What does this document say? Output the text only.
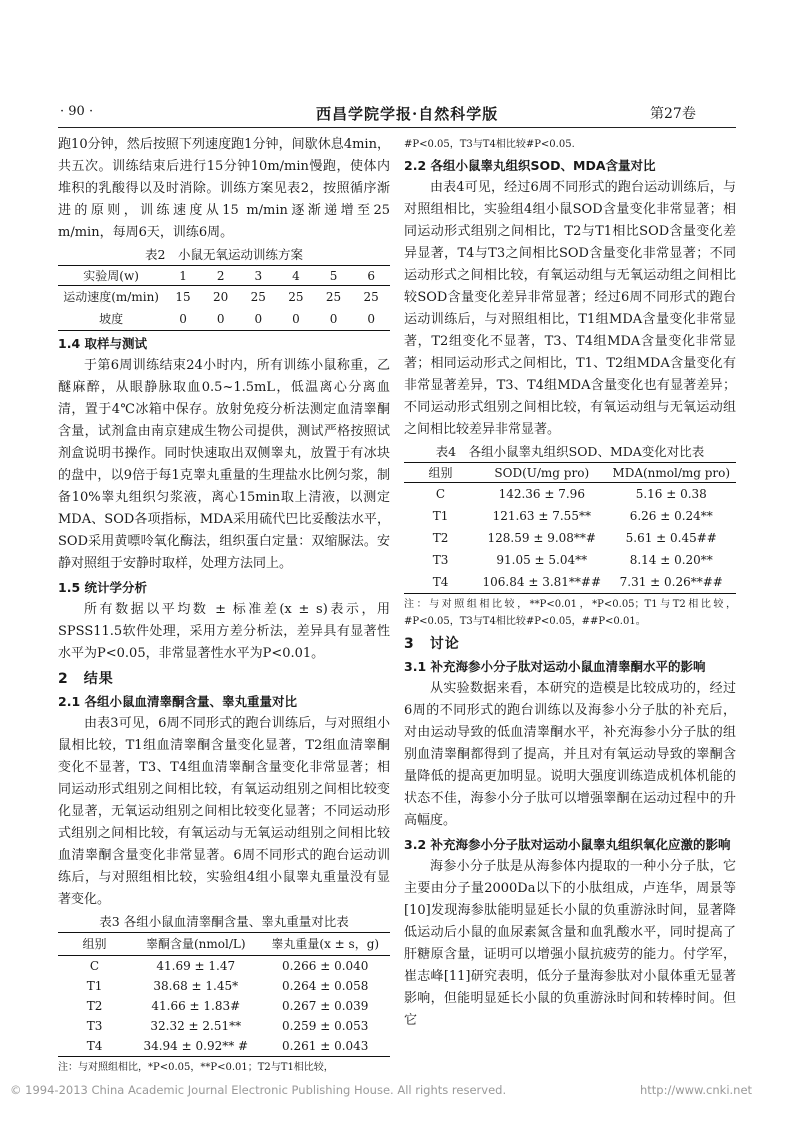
· 90 ·	西昌学院学报·自然科学版	第27卷

跑10分钟，然后按照下列速度跑1分钟，间歇休息4min，共五次。训练结束后进行15分钟10m/min慢跑，使体内堆积的乳酸得以及时消除。训练方案见表2，按照循序渐进的原则，训练速度从15 m/min逐渐递增至25 m/min，每周6天，训练6周。

表2　小鼠无氧运动训练方案
实验周(w)	1	2	3	4	5	6
运动速度(m/min)	15	20	25	25	25	25
坡度	0	0	0	0	0	0
1.4 取样与测试

于第6周训练结束24小时内，所有训练小鼠称重，乙醚麻醉，从眼静脉取血0.5~1.5mL，低温离心分离血清，置于4℃冰箱中保存。放射免疫分析法测定血清睾酮含量，试剂盒由南京建成生物公司提供，测试严格按照试剂盒说明书操作。同时快速取出双侧睾丸，放置于有冰块的盘中，以9倍于每1克睾丸重量的生理盐水比例匀浆，制备10%睾丸组织匀浆液，离心15min取上清液，以测定MDA、SOD各项指标，MDA采用硫代巴比妥酸法水平，SOD采用黄嘌呤氧化酶法，组织蛋白定量：双缩脲法。安静对照组于安静时取样，处理方法同上。

1.5 统计学分析

所有数据以平均数 ± 标准差(x ± s)表示，用SPSS11.5软件处理，采用方差分析法，差异具有显著性水平为P<0.05，非常显著性水平为P<0.01。

2　结果
2.1 各组小鼠血清睾酮含量、睾丸重量对比

由表3可见，6周不同形式的跑台训练后，与对照组小鼠相比较，T1组血清睾酮含量变化显著，T2组血清睾酮变化不显著，T3、T4组血清睾酮含量变化非常显著；相同运动形式组别之间相比较，有氧运动组别之间相比较变化显著，无氧运动组别之间相比较变化显著；不同运动形式组别之间相比较，有氧运动与无氧运动组别之间相比较血清睾酮含量变化非常显著。6周不同形式的跑台运动训练后，与对照组相比较，实验组4组小鼠睾丸重量没有显著变化。

表3 各组小鼠血清睾酮含量、睾丸重量对比表
组别	睾酮含量(nmol/L)	睾丸重量(x ± s，g)
C	41.69 ± 1.47	0.266 ± 0.040
T1	38.68 ± 1.45*	0.264 ± 0.058
T2	41.66 ± 1.83#	0.267 ± 0.039
T3	32.32 ± 2.51**	0.259 ± 0.053
T4	34.94 ± 0.92** #	0.261 ± 0.043

注：与对照组相比，*P<0.05，**P<0.01；T2与T1相比较，

#P<0.05，T3与T4相比较#P<0.05.

2.2 各组小鼠睾丸组织SOD、MDA含量对比

由表4可见，经过6周不同形式的跑台运动训练后，与对照组相比，实验组4组小鼠SOD含量变化非常显著；相同运动形式组别之间相比，T2与T1相比SOD含量变化差异显著，T4与T3之间相比SOD含量变化非常显著；不同运动形式之间相比较，有氧运动组与无氧运动组之间相比较SOD含量变化差异非常显著；经过6周不同形式的跑台运动训练后，与对照组相比，T1组MDA含量变化非常显著，T2组变化不显著，T3、T4组MDA含量变化非常显著；相同运动形式之间相比，T1、T2组MDA含量变化有非常显著差异，T3、T4组MDA含量变化也有显著差异；不同运动形式组别之间相比较，有氧运动组与无氧运动组之间相比较差异非常显著。

表4　各组小鼠睾丸组织SOD、MDA变化对比表
组别	SOD(U/mg pro)	MDA(nmol/mg pro)
C	142.36 ± 7.96	5.16 ± 0.38
T1	121.63 ± 7.55**	6.26 ± 0.24**
T2	128.59 ± 9.08**#	5.61 ± 0.45##
T3	91.05 ± 5.04**	8.14 ± 0.20**
T4	106.84 ± 3.81**##	7.31 ± 0.26**##

注：与对照组相比较，**P<0.01，*P<0.05；T1与T2相比较，#P<0.05，T3与T4相比较#P<0.05，##P<0.01。

3　讨论
3.1 补充海参小分子肽对运动小鼠血清睾酮水平的影响

从实验数据来看，本研究的造模是比较成功的，经过6周的不同形式的跑台训练以及海参小分子肽的补充后，对由运动导致的低血清睾酮水平，补充海参小分子肽的组别血清睾酮都得到了提高，并且对有氧运动导致的睾酮含量降低的提高更加明显。说明大强度训练造成机体机能的状态不佳，海参小分子肽可以增强睾酮在运动过程中的升高幅度。

3.2 补充海参小分子肽对运动小鼠睾丸组织氧化应激的影响

海参小分子肽是从海参体内提取的一种小分子肽，它主要由分子量2000Da以下的小肽组成，卢连华，周景等[10]发现海参肽能明显延长小鼠的负重游泳时间，显著降低运动后小鼠的血尿素氮含量和血乳酸水平，同时提高了肝糖原含量，证明可以增强小鼠抗疲劳的能力。付学军，崔志峰[11]研究表明，低分子量海参肽对小鼠体重无显著影响，但能明显延长小鼠的负重游泳时间和转棒时间。但它

© 1994-2013 China Academic Journal Electronic Publishing House. All rights reserved.	http://www.cnki.net
